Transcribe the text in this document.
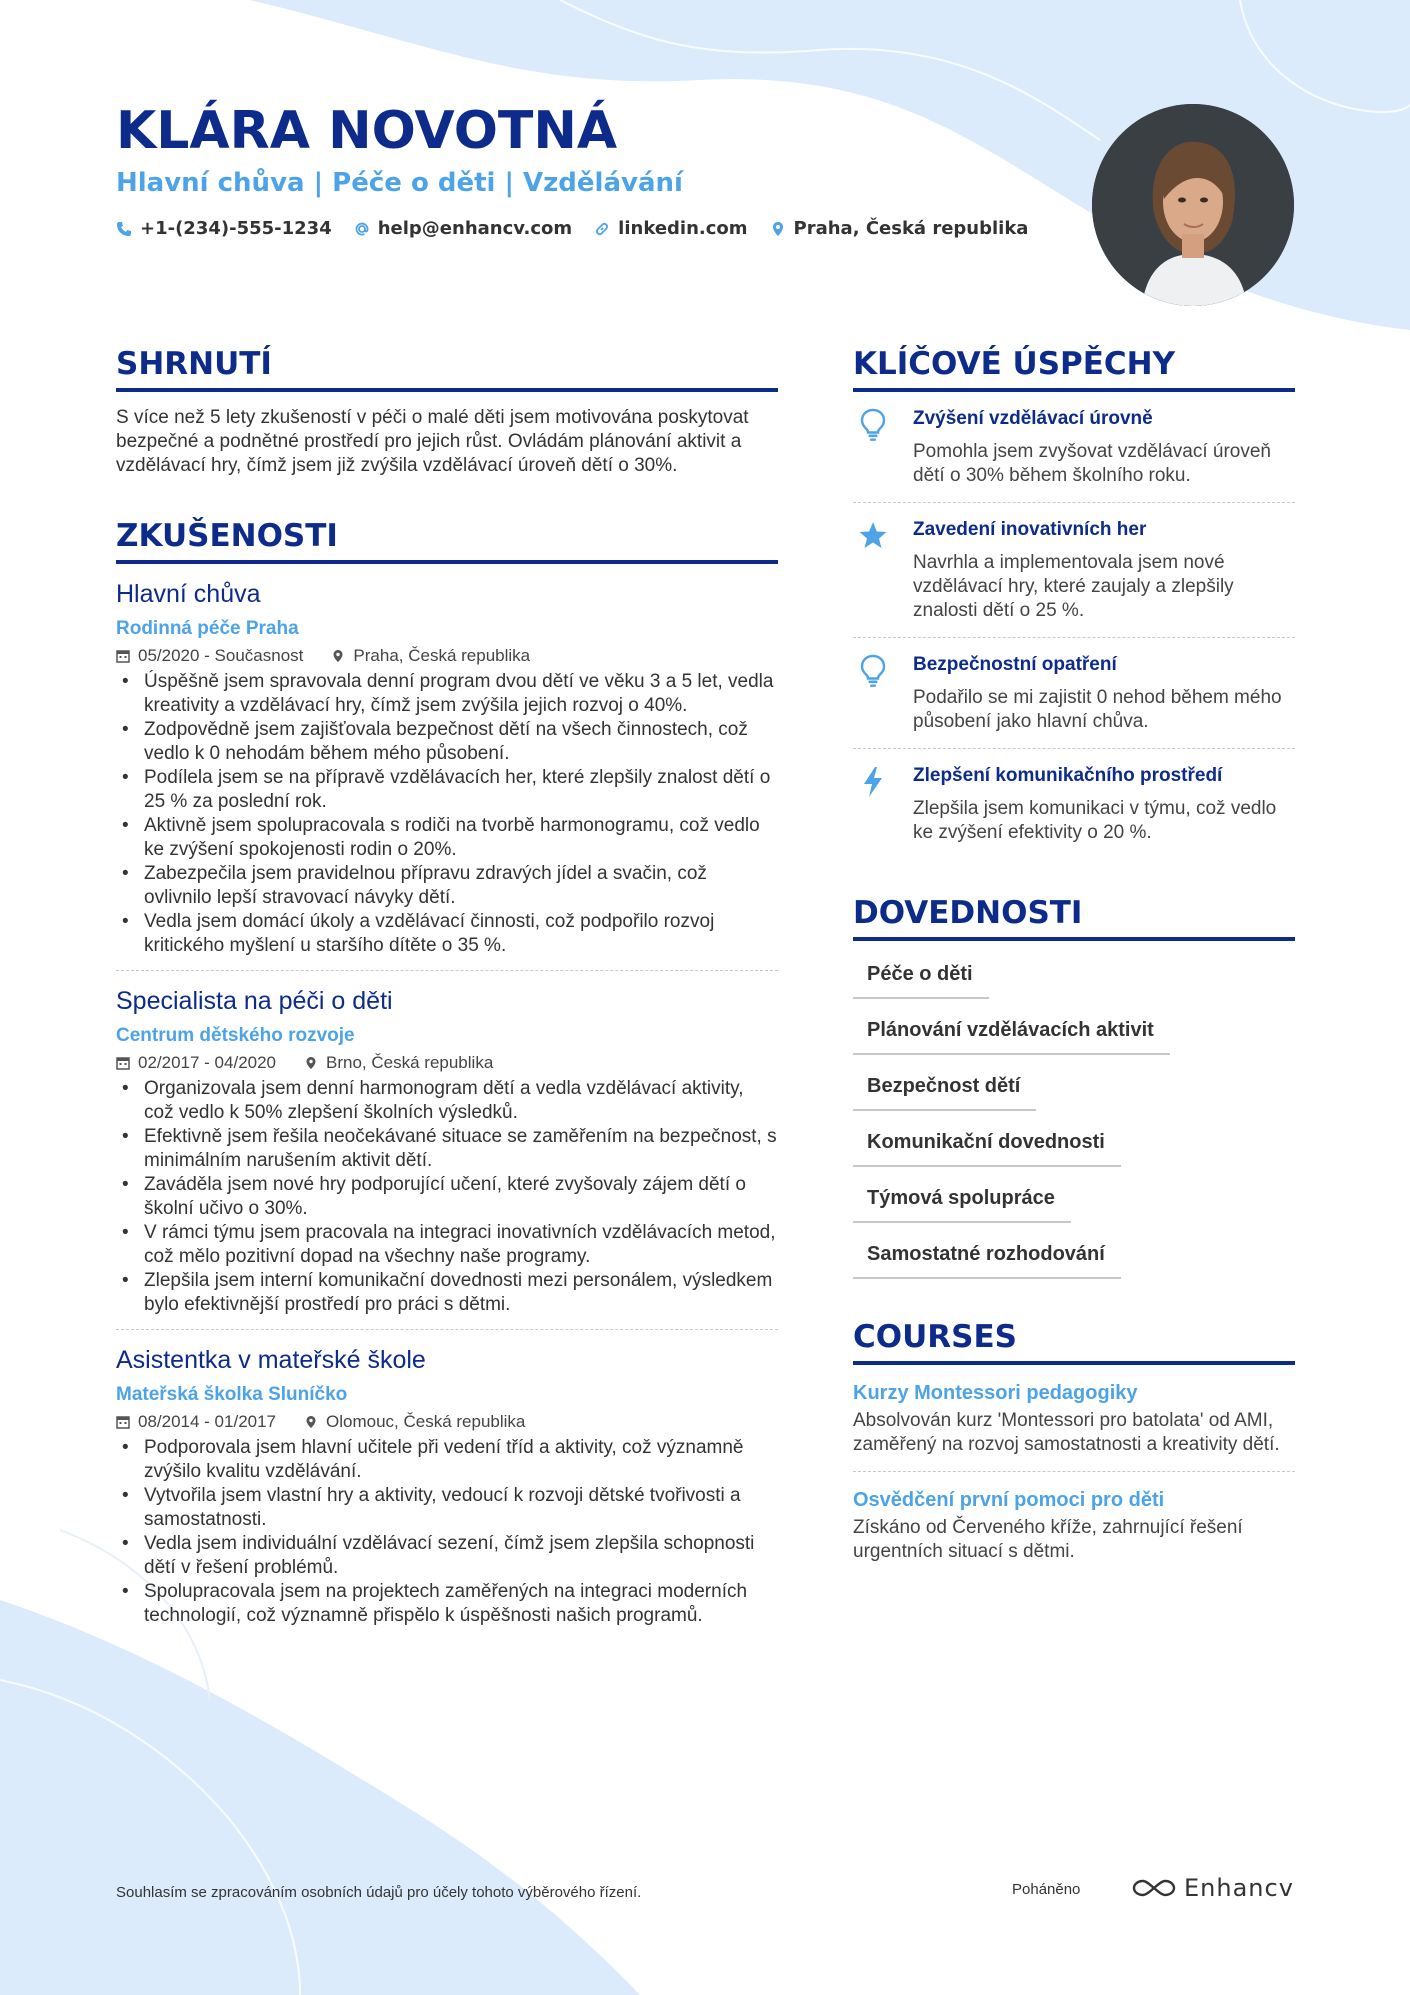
KLÁRA NOVOTNÁ
Hlavní chůva | Péče o děti | Vzdělávání
+1-(234)-555-1234	help@enhancv.com	linkedin.com	Praha, Česká republika
SHRNUTÍ
S více než 5 lety zkušeností v péči o malé děti jsem motivována poskytovat bezpečné a podnětné prostředí pro jejich růst. Ovládám plánování aktivit a vzdělávací hry, čímž jsem již zvýšila vzdělávací úroveň dětí o 30%.
ZKUŠENOSTI
Hlavní chůva
Rodinná péče Praha
05/2020 - Současnost	Praha, Česká republika
• Úspěšně jsem spravovala denní program dvou dětí ve věku 3 a 5 let, vedla kreativity a vzdělávací hry, čímž jsem zvýšila jejich rozvoj o 40%.
• Zodpovědně jsem zajišťovala bezpečnost dětí na všech činnostech, což vedlo k 0 nehodám během mého působení.
• Podílela jsem se na přípravě vzdělávacích her, které zlepšily znalost dětí o 25 % za poslední rok.
• Aktivně jsem spolupracovala s rodiči na tvorbě harmonogramu, což vedlo ke zvýšení spokojenosti rodin o 20%.
• Zabezpečila jsem pravidelnou přípravu zdravých jídel a svačin, což ovlivnilo lepší stravovací návyky dětí.
• Vedla jsem domácí úkoly a vzdělávací činnosti, což podpořilo rozvoj kritického myšlení u staršího dítěte o 35 %.
Specialista na péči o děti
Centrum dětského rozvoje
02/2017 - 04/2020	Brno, Česká republika
• Organizovala jsem denní harmonogram dětí a vedla vzdělávací aktivity, což vedlo k 50% zlepšení školních výsledků.
• Efektivně jsem řešila neočekávané situace se zaměřením na bezpečnost, s minimálním narušením aktivit dětí.
• Zaváděla jsem nové hry podporující učení, které zvyšovaly zájem dětí o školní učivo o 30%.
• V rámci týmu jsem pracovala na integraci inovativních vzdělávacích metod, což mělo pozitivní dopad na všechny naše programy.
• Zlepšila jsem interní komunikační dovednosti mezi personálem, výsledkem bylo efektivnější prostředí pro práci s dětmi.
Asistentka v mateřské škole
Mateřská školka Sluníčko
08/2014 - 01/2017	Olomouc, Česká republika
• Podporovala jsem hlavní učitele při vedení tříd a aktivity, což významně zvýšilo kvalitu vzdělávání.
• Vytvořila jsem vlastní hry a aktivity, vedoucí k rozvoji dětské tvořivosti a samostatnosti.
• Vedla jsem individuální vzdělávací sezení, čímž jsem zlepšila schopnosti dětí v řešení problémů.
• Spolupracovala jsem na projektech zaměřených na integraci moderních technologií, což významně přispělo k úspěšnosti našich programů.
KLÍČOVÉ ÚSPĚCHY
Zvýšení vzdělávací úrovně
Pomohla jsem zvyšovat vzdělávací úroveň dětí o 30% během školního roku.
Zavedení inovativních her
Navrhla a implementovala jsem nové vzdělávací hry, které zaujaly a zlepšily znalosti dětí o 25 %.
Bezpečnostní opatření
Podařilo se mi zajistit 0 nehod během mého působení jako hlavní chůva.
Zlepšení komunikačního prostředí
Zlepšila jsem komunikaci v týmu, což vedlo ke zvýšení efektivity o 20 %.
DOVEDNOSTI
Péče o děti
Plánování vzdělávacích aktivit
Bezpečnost dětí
Komunikační dovednosti
Týmová spolupráce
Samostatné rozhodování
COURSES
Kurzy Montessori pedagogiky
Absolvován kurz 'Montessori pro batolata' od AMI, zaměřený na rozvoj samostatnosti a kreativity dětí.
Osvědčení první pomoci pro děti
Získáno od Červeného kříže, zahrnující řešení urgentních situací s dětmi.
Souhlasím se zpracováním osobních údajů pro účely tohoto výběrového řízení.	Poháněno	Enhancv
